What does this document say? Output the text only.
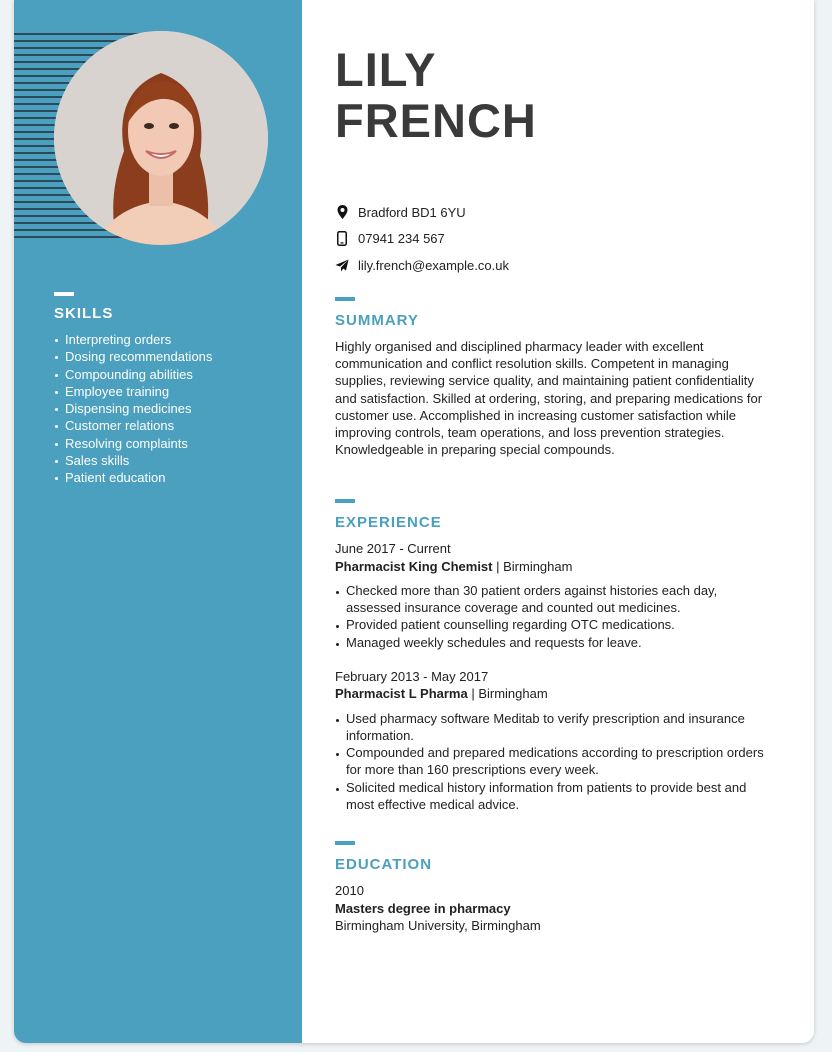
SKILLS
Interpreting orders
Dosing recommendations
Compounding abilities
Employee training
Dispensing medicines
Customer relations
Resolving complaints
Sales skills
Patient education
LILY
FRENCH
Bradford BD1 6YU
07941 234 567
lily.french@example.co.uk
SUMMARY

Highly organised and disciplined pharmacy leader with excellent communication and conflict resolution skills. Competent in managing supplies, reviewing service quality, and maintaining patient confidentiality and satisfaction. Skilled at ordering, storing, and preparing medications for customer use. Accomplished in increasing customer satisfaction while improving controls, team operations, and loss prevention strategies. Knowledgeable in preparing special compounds.

EXPERIENCE
June 2017 - Current
Pharmacist King Chemist | Birmingham
Checked more than 30 patient orders against histories each day, assessed insurance coverage and counted out medicines.
Provided patient counselling regarding OTC medications.
Managed weekly schedules and requests for leave.
February 2013 - May 2017
Pharmacist L Pharma | Birmingham
Used pharmacy software Meditab to verify prescription and insurance information.
Compounded and prepared medications according to prescription orders for more than 160 prescriptions every week.
Solicited medical history information from patients to provide best and most effective medical advice.
EDUCATION
2010
Masters degree in pharmacy
Birmingham University, Birmingham
